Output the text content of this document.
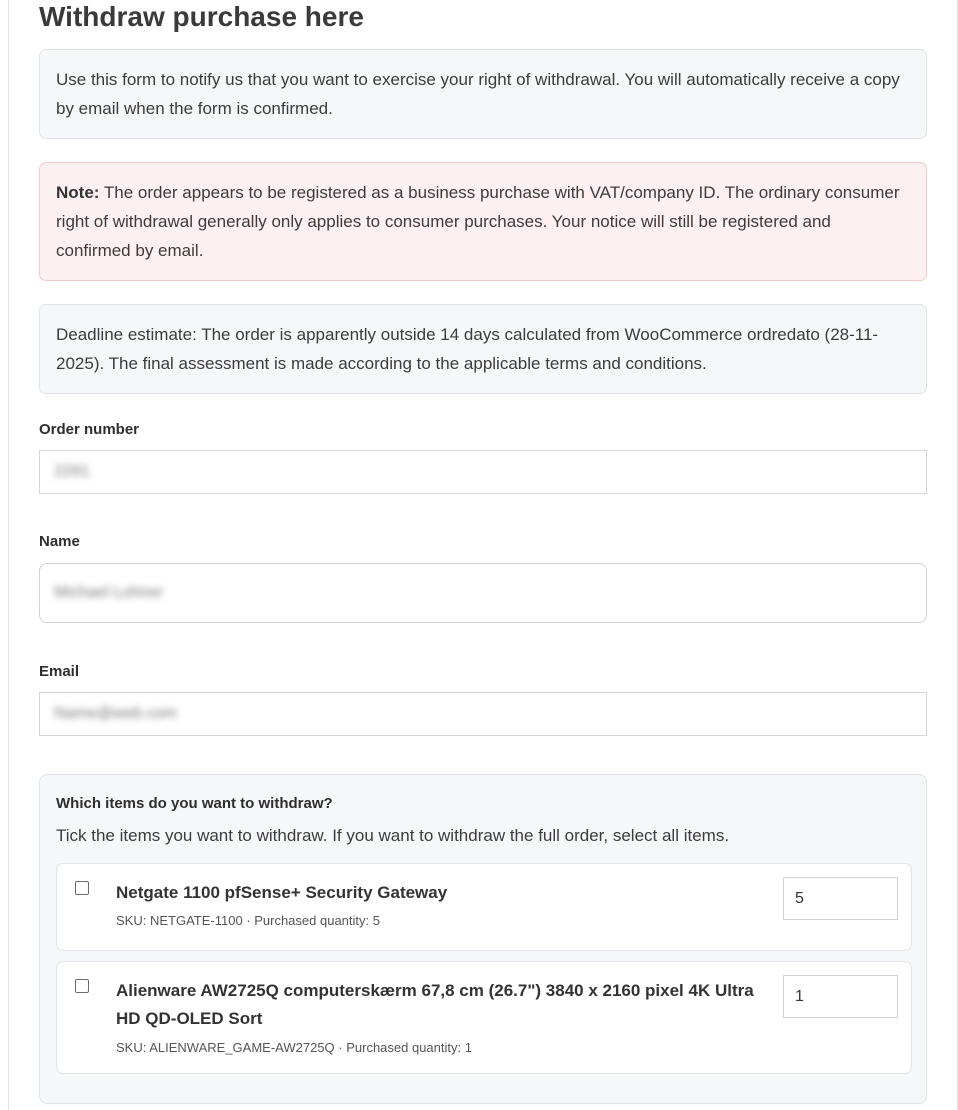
Withdraw purchase here
Use this form to notify us that you want to exercise your right of withdrawal. You will automatically receive a copy by email when the form is confirmed.
Note: The order appears to be registered as a business purchase with VAT/company ID. The ordinary consumer right of withdrawal generally only applies to consumer purchases. Your notice will still be registered and confirmed by email.
Deadline estimate: The order is apparently outside 14 days calculated from WooCommerce ordredato (28-11-2025). The final assessment is made according to the applicable terms and conditions.
Order number
2291
Name
Michael Lohner
Email
Name@web.com
Which items do you want to withdraw?
Tick the items you want to withdraw. If you want to withdraw the full order, select all items.
Netgate 1100 pfSense+ Security Gateway
SKU: NETGATE-1100 · Purchased quantity: 5
5
Alienware AW2725Q computerskærm 67,8 cm (26.7") 3840 x 2160 pixel 4K Ultra HD QD-OLED Sort
SKU: ALIENWARE_GAME-AW2725Q · Purchased quantity: 1
1
